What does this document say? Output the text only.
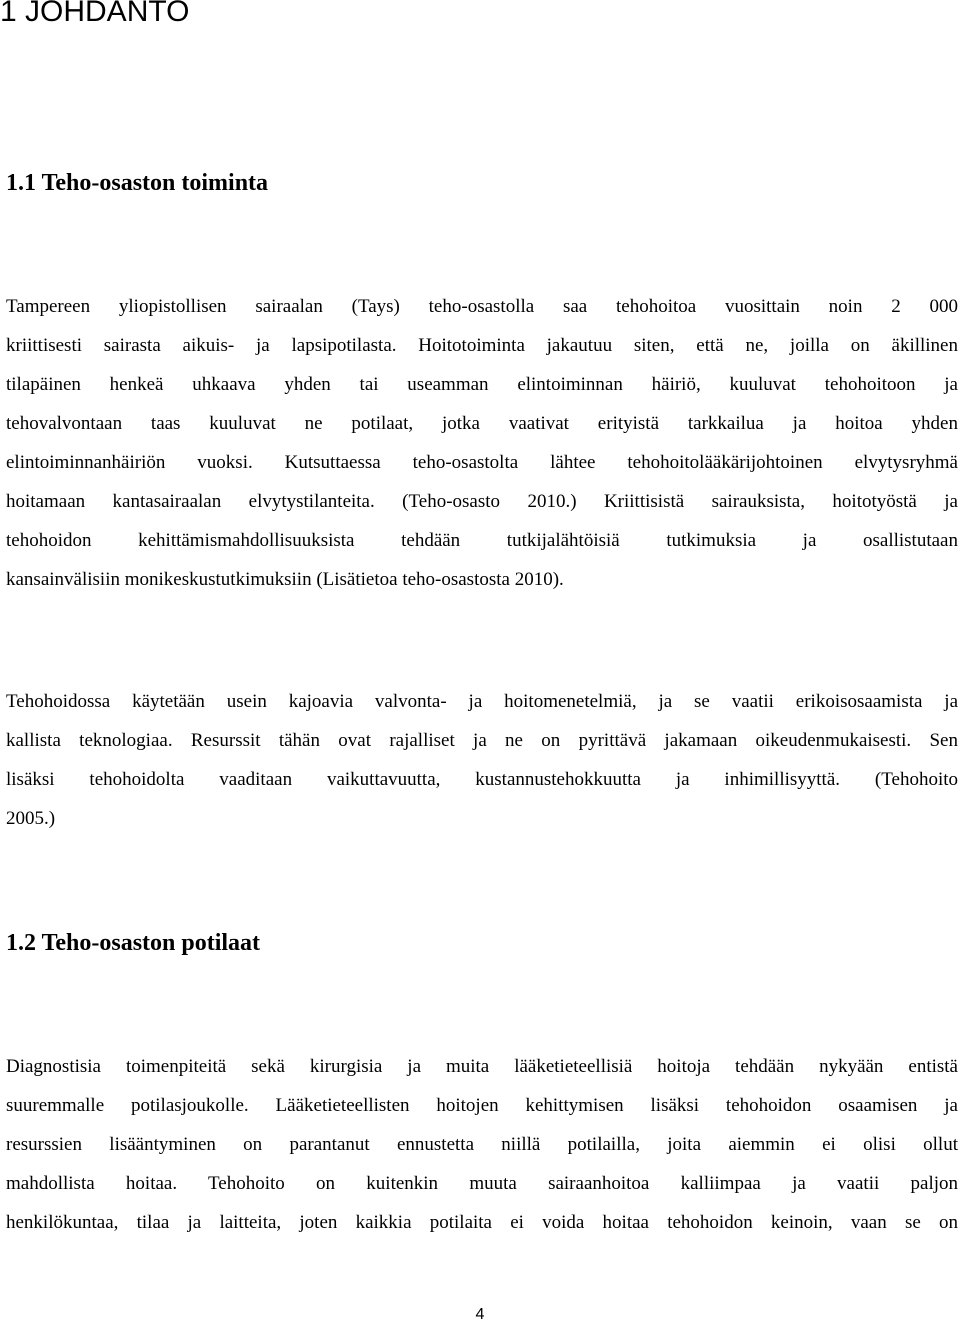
1 JOHDANTO
1.1 Teho-osaston toiminta
Tampereen yliopistollisen sairaalan (Tays) teho-osastolla saa tehohoitoa vuosittain noin 2 000
kriittisesti sairasta aikuis- ja lapsipotilasta. Hoitotoiminta jakautuu siten, että ne, joilla on äkillinen
tilapäinen henkeä uhkaava yhden tai useamman elintoiminnan häiriö, kuuluvat tehohoitoon ja
tehovalvontaan taas kuuluvat ne potilaat, jotka vaativat erityistä tarkkailua ja hoitoa yhden
elintoiminnanhäiriön vuoksi. Kutsuttaessa teho-osastolta lähtee tehohoitolääkärijohtoinen elvytysryhmä
hoitamaan kantasairaalan elvytystilanteita. (Teho-osasto 2010.) Kriittisistä sairauksista, hoitotyöstä ja
tehohoidon kehittämismahdollisuuksista tehdään tutkijalähtöisiä tutkimuksia ja osallistutaan
kansainvälisiin monikeskustutkimuksiin (Lisätietoa teho-osastosta 2010).
Tehohoidossa käytetään usein kajoavia valvonta- ja hoitomenetelmiä, ja se vaatii erikoisosaamista ja
kallista teknologiaa. Resurssit tähän ovat rajalliset ja ne on pyrittävä jakamaan oikeudenmukaisesti. Sen
lisäksi tehohoidolta vaaditaan vaikuttavuutta, kustannustehokkuutta ja inhimillisyyttä. (Tehohoito
2005.)
1.2 Teho-osaston potilaat
Diagnostisia toimenpiteitä sekä kirurgisia ja muita lääketieteellisiä hoitoja tehdään nykyään entistä
suuremmalle potilasjoukolle. Lääketieteellisten hoitojen kehittymisen lisäksi tehohoidon osaamisen ja
resurssien lisääntyminen on parantanut ennustetta niillä potilailla, joita aiemmin ei olisi ollut
mahdollista hoitaa. Tehohoito on kuitenkin muuta sairaanhoitoa kalliimpaa ja vaatii paljon
henkilökuntaa, tilaa ja laitteita, joten kaikkia potilaita ei voida hoitaa tehohoidon keinoin, vaan se on
4
